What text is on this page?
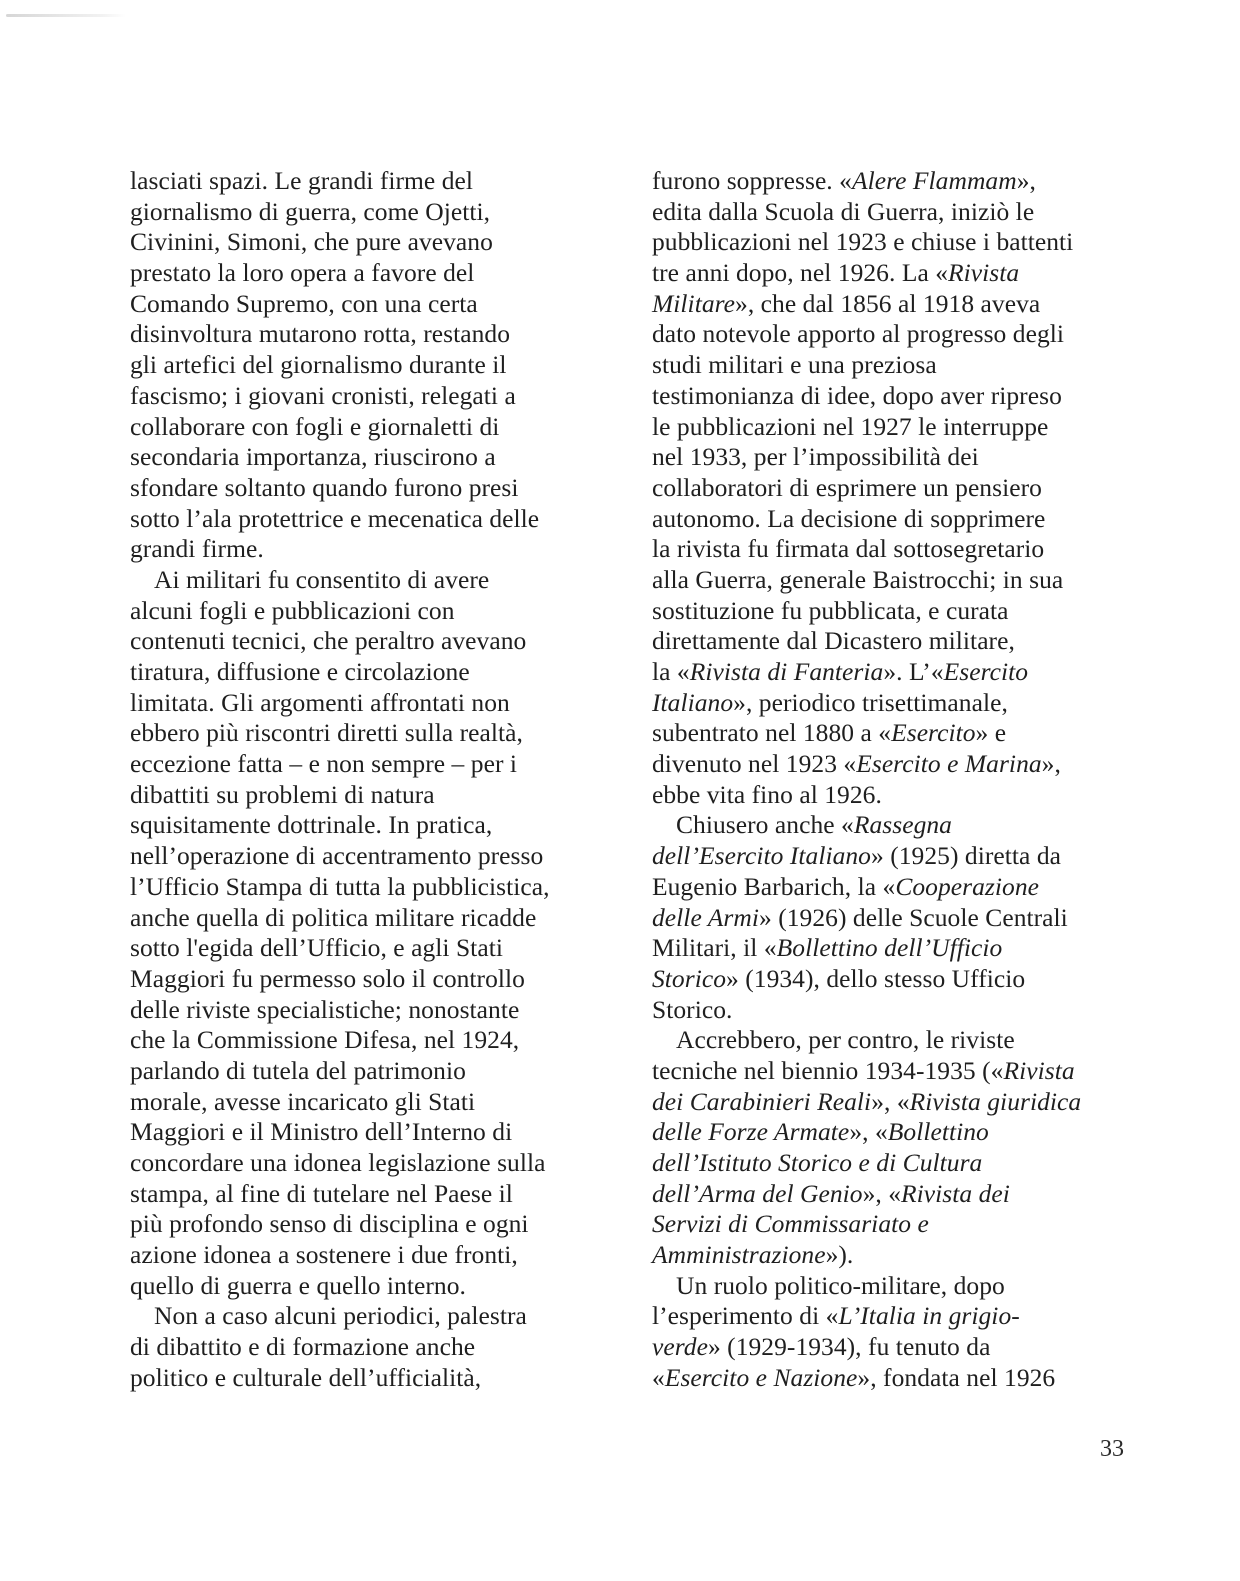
lasciati spazi. Le grandi firme del
giornalismo di guerra, come Ojetti,
Civinini, Simoni, che pure avevano
prestato la loro opera a favore del
Comando Supremo, con una certa
disinvoltura mutarono rotta, restando
gli artefici del giornalismo durante il
fascismo; i giovani cronisti, relegati a
collaborare con fogli e giornaletti di
secondaria importanza, riuscirono a
sfondare soltanto quando furono presi
sotto l’ala protettrice e mecenatica delle
grandi firme.
Ai militari fu consentito di avere
alcuni fogli e pubblicazioni con
contenuti tecnici, che peraltro avevano
tiratura, diffusione e circolazione
limitata. Gli argomenti affrontati non
ebbero più riscontri diretti sulla realtà,
eccezione fatta – e non sempre – per i
dibattiti su problemi di natura
squisitamente dottrinale. In pratica,
nell’operazione di accentramento presso
l’Ufficio Stampa di tutta la pubblicistica,
anche quella di politica militare ricadde
sotto l'egida dell’Ufficio, e agli Stati
Maggiori fu permesso solo il controllo
delle riviste specialistiche; nonostante
che la Commissione Difesa, nel 1924,
parlando di tutela del patrimonio
morale, avesse incaricato gli Stati
Maggiori e il Ministro dell’Interno di
concordare una idonea legislazione sulla
stampa, al fine di tutelare nel Paese il
più profondo senso di disciplina e ogni
azione idonea a sostenere i due fronti,
quello di guerra e quello interno.
Non a caso alcuni periodici, palestra
di dibattito e di formazione anche
politico e culturale dell’ufficialità,
furono soppresse. «Alere Flammam»,
edita dalla Scuola di Guerra, iniziò le
pubblicazioni nel 1923 e chiuse i battenti
tre anni dopo, nel 1926. La «Rivista
Militare», che dal 1856 al 1918 aveva
dato notevole apporto al progresso degli
studi militari e una preziosa
testimonianza di idee, dopo aver ripreso
le pubblicazioni nel 1927 le interruppe
nel 1933, per l’impossibilità dei
collaboratori di esprimere un pensiero
autonomo. La decisione di sopprimere
la rivista fu firmata dal sottosegretario
alla Guerra, generale Baistrocchi; in sua
sostituzione fu pubblicata, e curata
direttamente dal Dicastero militare,
la «Rivista di Fanteria». L’«Esercito
Italiano», periodico trisettimanale,
subentrato nel 1880 a «Esercito» e
divenuto nel 1923 «Esercito e Marina»,
ebbe vita fino al 1926.
Chiusero anche «Rassegna
dell’Esercito Italiano» (1925) diretta da
Eugenio Barbarich, la «Cooperazione
delle Armi» (1926) delle Scuole Centrali
Militari, il «Bollettino dell’Ufficio
Storico» (1934), dello stesso Ufficio
Storico.
Accrebbero, per contro, le riviste
tecniche nel biennio 1934-1935 («Rivista
dei Carabinieri Reali», «Rivista giuridica
delle Forze Armate», «Bollettino
dell’Istituto Storico e di Cultura
dell’Arma del Genio», «Rivista dei
Servizi di Commissariato e
Amministrazione»).
Un ruolo politico-militare, dopo
l’esperimento di «L’Italia in grigio-
verde» (1929-1934), fu tenuto da
«Esercito e Nazione», fondata nel 1926
33
